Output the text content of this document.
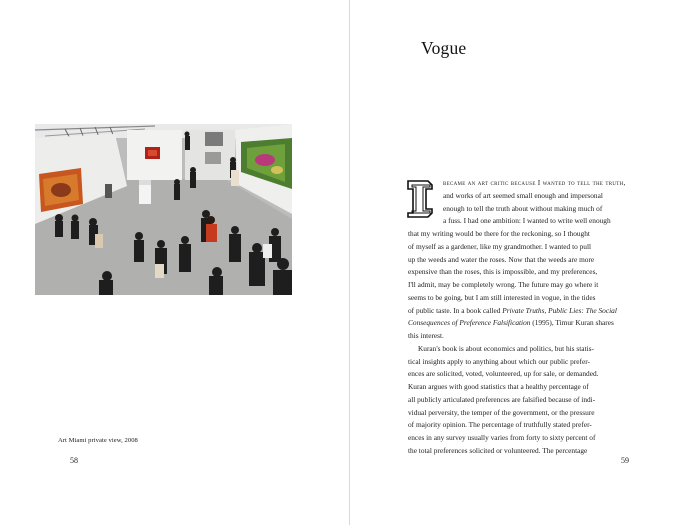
Art Miami private view, 2008
58
Vogue
became an art critic because I wanted to tell the truth,
and works of art seemed small enough and impersonal
enough to tell the truth about without making much of
a fuss. I had one ambition: I wanted to write well enough
that my writing would be there for the reckoning, so I thought
of myself as a gardener, like my grandmother. I wanted to pull
up the weeds and water the roses. Now that the weeds are more
expensive than the roses, this is impossible, and my preferences,
I'll admit, may be completely wrong. The future may go where it
seems to be going, but I am still interested in vogue, in the tides
of public taste. In a book called Private Truths, Public Lies: The Social
Consequences of Preference Falsification (1995), Timur Kuran shares
this interest.
Kuran's book is about economics and politics, but his statis-
tical insights apply to anything about which our public prefer-
ences are solicited, voted, volunteered, up for sale, or demanded.
Kuran argues with good statistics that a healthy percentage of
all publicly articulated preferences are falsified because of indi-
vidual perversity, the temper of the government, or the pressure
of majority opinion. The percentage of truthfully stated prefer-
ences in any survey usually varies from forty to sixty percent of
the total preferences solicited or volunteered. The percentage
59
